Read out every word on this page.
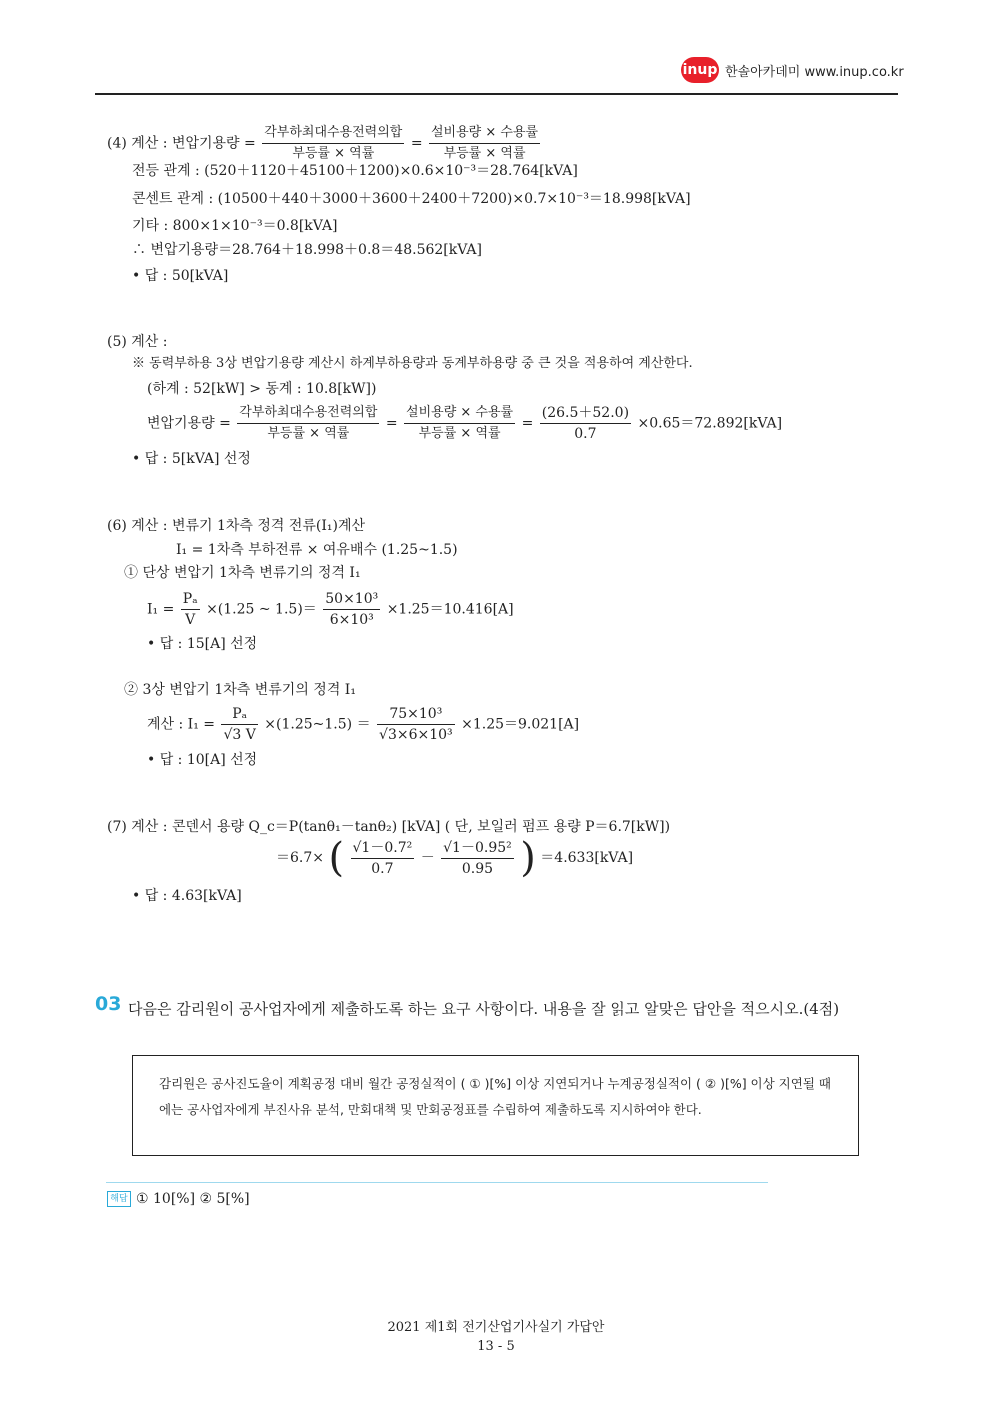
inup 한솔아카데미 www.inup.co.kr
(4) 계산 : 변압기용량 = $\frac{\text{각부하최대수용전력의합}}{\text{부등률 × 역률}} = \frac{\text{설비용량 × 수용률}}{\text{부등률 × 역률}}$
전등 관계 : (520＋1120＋45100＋1200)×0.6×10⁻³＝28.764[kVA]
콘센트 관계 : (10500＋440＋3000＋3600＋2400＋7200)×0.7×10⁻³＝18.998[kVA]
기타 : 800×1×10⁻³＝0.8[kVA]
∴ 변압기용량＝28.764＋18.998＋0.8＝48.562[kVA]
• 답 : 50[kVA]
(5) 계산 :
※ 동력부하용 3상 변압기용량 계산시 하계부하용량과 동계부하용량 중 큰 것을 적용하여 계산한다.
(하계 : 52[kW] > 동계 : 10.8[kW])
변압기용량 = $\frac{\text{각부하최대수용전력의합}}{\text{부등률 × 역률}} = \frac{\text{설비용량 × 수용률}}{\text{부등률 × 역률}} = \frac{(26.5+52.0)}{0.7} \times 0.65=72.892[kVA]$
• 답 : 5[kVA] 선정
(6) 계산 : 변류기 1차측 정격 전류(I₁)계산
I₁ = 1차측 부하전류 × 여유배수 (1.25~1.5)
① 단상 변압기 1차측 변류기의 정격 I₁
$I_1 = \frac{\text{Pₐ}}{V} \times(1.25$ ~ $1.5)= \frac{\text{50×10³}}{\text{6×10³}} \times 1.25=10.416[A]$
• 답 : 15[A] 선정
② 3상 변압기 1차측 변류기의 정격 I₁
계산 : $I_1 = \frac{\text{Pₐ}}{√3 V}$ ×(1.25~1.5) ＝ $\frac{\text{75×10³}}{\text{√3×6×10³}} \times 1.25=9.021[A]$
• 답 : 10[A] 선정
(7) 계산 : 콘덴서 용량 Q_c＝P(tanθ₁－tanθ₂) [kVA] ( 단, 보일러 펌프 용량 P＝6.7[kW])
＝6.7× ( $\frac{\text{√1－0.7²}}{0.7} - \frac{\text{√1－0.95²}}{0.95}$ ) ＝4.633[kVA]
• 답 : 4.63[kVA]
03 다음은 감리원이 공사업자에게 제출하도록 하는 요구 사항이다. 내용을 잘 읽고 알맞은 답안을 적으시오.(4점)
감리원은 공사진도율이 계획공정 대비 월간 공정실적이 ( ① )[%] 이상 지연되거나 누계공정실적이 ( ② )[%] 이상 지연될 때에는 공사업자에게 부진사유 분석, 만회대책 및 만회공정표를 수립하여 제출하도록 지시하여야 한다.
해답 ① 10[%] ② 5[%]
2021 제1회 전기산업기사실기 가답안
13 - 5
